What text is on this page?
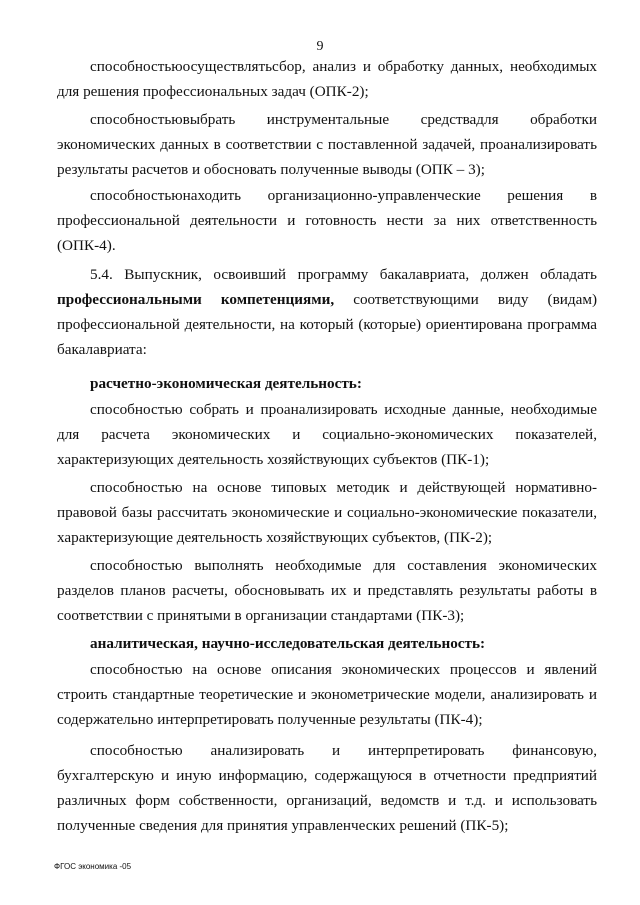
9
способностьюосуществлятьсбор, анализ и обработку данных, необходимых для решения профессиональных задач (ОПК-2);
способностьювыбрать инструментальные средствадля обработки экономических данных в соответствии с поставленной задачей, проанализировать результаты расчетов и обосновать полученные выводы (ОПК – 3);
способностьюнаходить организационно-управленческие решения в профессиональной деятельности и готовность нести за них ответственность (ОПК-4).
5.4. Выпускник, освоивший программу бакалавриата, должен обладать профессиональными компетенциями, соответствующими виду (видам) профессиональной деятельности, на который (которые) ориентирована программа бакалавриата:
расчетно-экономическая деятельность:
способностью собрать и проанализировать исходные данные, необходимые для расчета экономических и социально-экономических показателей, характеризующих деятельность хозяйствующих субъектов (ПК-1);
способностью на основе типовых методик и действующей нормативно-правовой базы рассчитать экономические и социально-экономические показатели, характеризующие деятельность хозяйствующих субъектов, (ПК-2);
способностью выполнять необходимые для составления экономических разделов планов расчеты, обосновывать их и представлять результаты работы в соответствии с принятыми в организации стандартами (ПК-3);
аналитическая, научно-исследовательская деятельность:
способностью на основе описания экономических процессов и явлений строить стандартные теоретические и эконометрические модели, анализировать и содержательно интерпретировать полученные результаты (ПК-4);
способностью анализировать и интерпретировать финансовую, бухгалтерскую и иную информацию, содержащуюся в отчетности предприятий различных форм собственности, организаций, ведомств и т.д. и использовать полученные сведения для принятия управленческих решений (ПК-5);
ФГОС экономика -05
